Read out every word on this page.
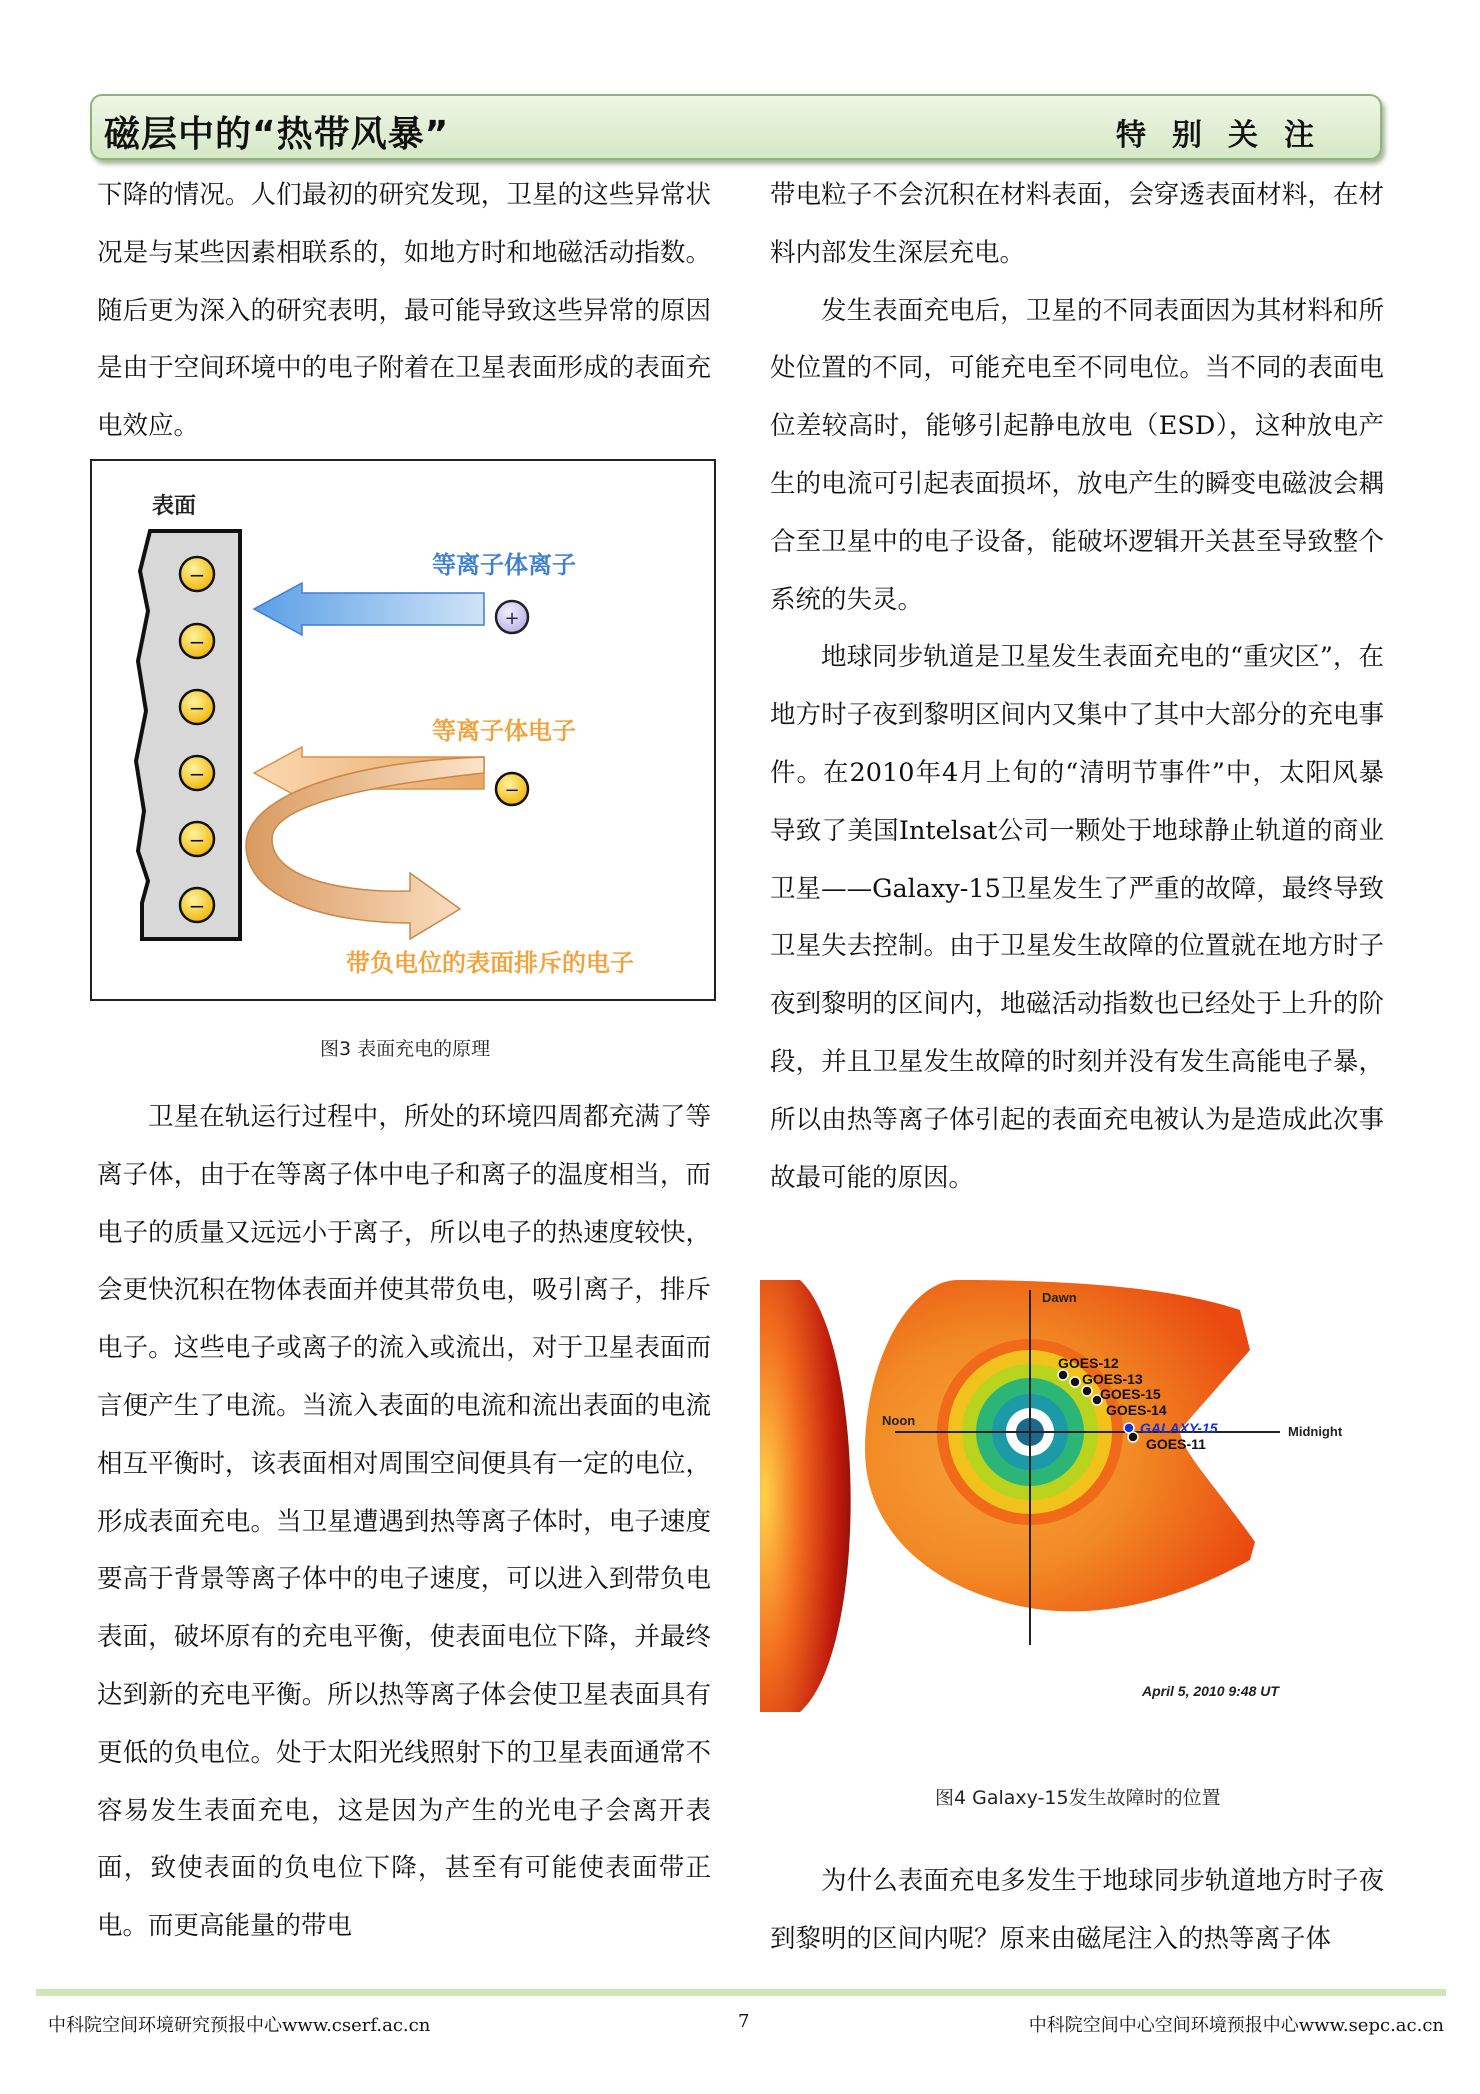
磁层中的“热带风暴”	特别关注

下降的情况。人们最初的研究发现，卫星的这些异常状况是与某些因素相联系的，如地方时和地磁活动指数。随后更为深入的研究表明，最可能导致这些异常的原因是由于空间环境中的电子附着在卫星表面形成的表面充电效应。

表面
−
−
−
−
−
−
等离子体离子
+
等离子体电子
−
带负电位的表面排斥的电子
图3 表面充电的原理

卫星在轨运行过程中，所处的环境四周都充满了等离子体，由于在等离子体中电子和离子的温度相当，而电子的质量又远远小于离子，所以电子的热速度较快，会更快沉积在物体表面并使其带负电，吸引离子，排斥电子。这些电子或离子的流入或流出，对于卫星表面而言便产生了电流。当流入表面的电流和流出表面的电流相互平衡时，该表面相对周围空间便具有一定的电位，形成表面充电。当卫星遭遇到热等离子体时，电子速度要高于背景等离子体中的电子速度，可以进入到带负电表面，破坏原有的充电平衡，使表面电位下降，并最终达到新的充电平衡。所以热等离子体会使卫星表面具有更低的负电位。处于太阳光线照射下的卫星表面通常不容易发生表面充电，这是因为产生的光电子会离开表面，致使表面的负电位下降，甚至有可能使表面带正电。而更高能量的带电

带电粒子不会沉积在材料表面，会穿透表面材料，在材料内部发生深层充电。

发生表面充电后，卫星的不同表面因为其材料和所处位置的不同，可能充电至不同电位。当不同的表面电位差较高时，能够引起静电放电（ESD），这种放电产生的电流可引起表面损坏，放电产生的瞬变电磁波会耦合至卫星中的电子设备，能破坏逻辑开关甚至导致整个系统的失灵。

地球同步轨道是卫星发生表面充电的“重灾区”，在地方时子夜到黎明区间内又集中了其中大部分的充电事件。在2010年4月上旬的“清明节事件”中，太阳风暴导致了美国Intelsat公司一颗处于地球静止轨道的商业卫星——Galaxy-15卫星发生了严重的故障，最终导致卫星失去控制。由于卫星发生故障的位置就在地方时子夜到黎明的区间内，地磁活动指数也已经处于上升的阶段，并且卫星发生故障的时刻并没有发生高能电子暴，所以由热等离子体引起的表面充电被认为是造成此次事故最可能的原因。

Dawn
Noon
Midnight
GOES-12
GOES-13
GOES-15
GOES-14
GALAXY-15
GOES-11
April 5, 2010 9:48 UT
图4 Galaxy-15发生故障时的位置

为什么表面充电多发生于地球同步轨道地方时子夜到黎明的区间内呢？原来由磁尾注入的热等离子体

中科院空间环境研究预报中心www.cserf.ac.cn	7	中科院空间中心空间环境预报中心www.sepc.ac.cn
